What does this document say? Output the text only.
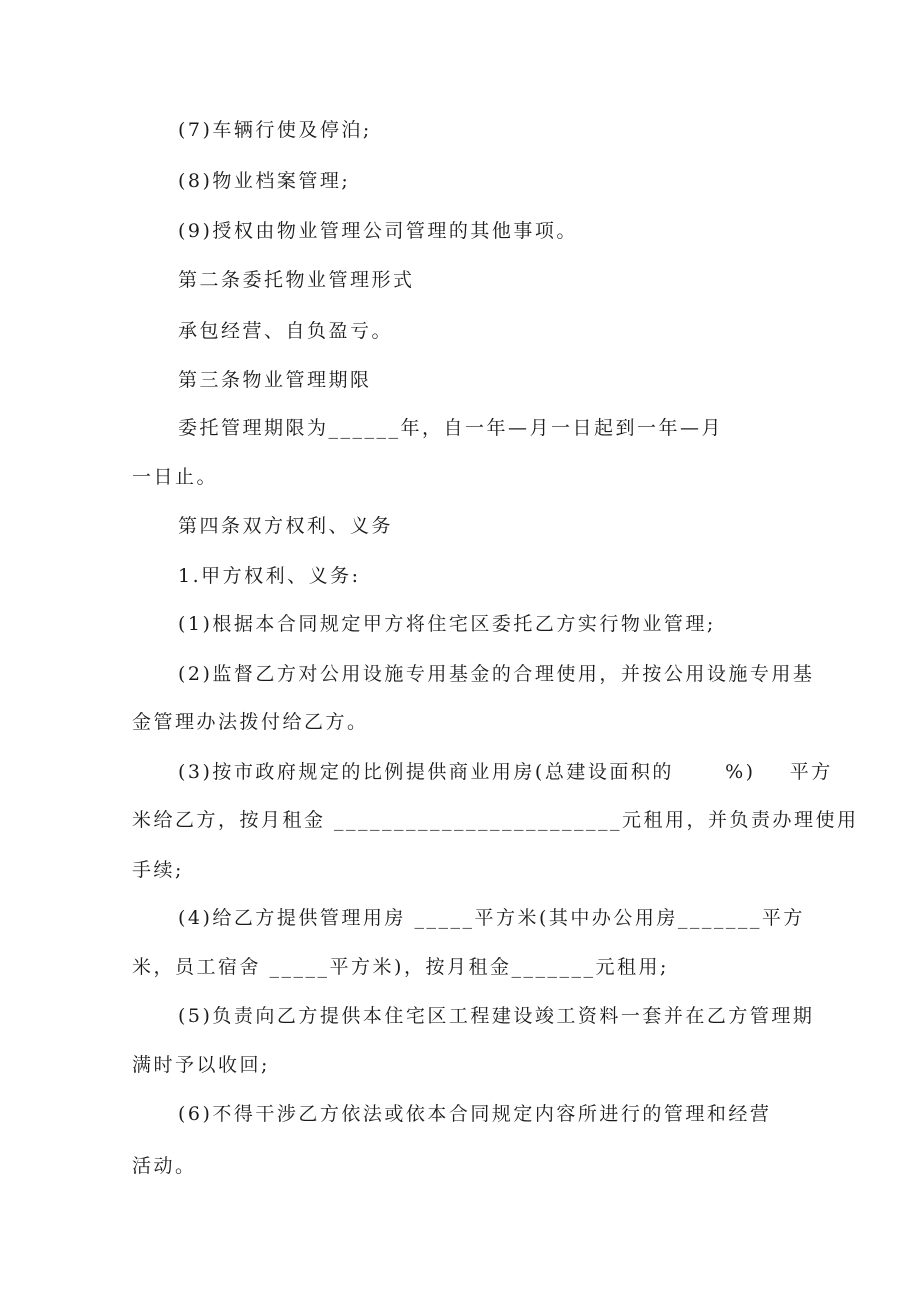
(7)车辆行使及停泊;
(8)物业档案管理;
(9)授权由物业管理公司管理的其他事项。
第二条委托物业管理形式
承包经营、自负盈亏。
第三条物业管理期限
委托管理期限为______年，自一年—月一日起到一年—月
一日止。
第四条双方权利、义务
1.甲方权利、义务:
(1)根据本合同规定甲方将住宅区委托乙方实行物业管理;
(2)监督乙方对公用设施专用基金的合理使用，并按公用设施专用基
金管理办法拨付给乙方。
(3)按市政府规定的比例提供商业用房(总建设面积的      %)    平方
米给乙方，按月租金 ________________________元租用，并负责办理使用
手续;
(4)给乙方提供管理用房 _____平方米(其中办公用房_______平方
米，员工宿舍 _____平方米)，按月租金_______元租用;
(5)负责向乙方提供本住宅区工程建设竣工资料一套并在乙方管理期
满时予以收回;
(6)不得干涉乙方依法或依本合同规定内容所进行的管理和经营
活动。
